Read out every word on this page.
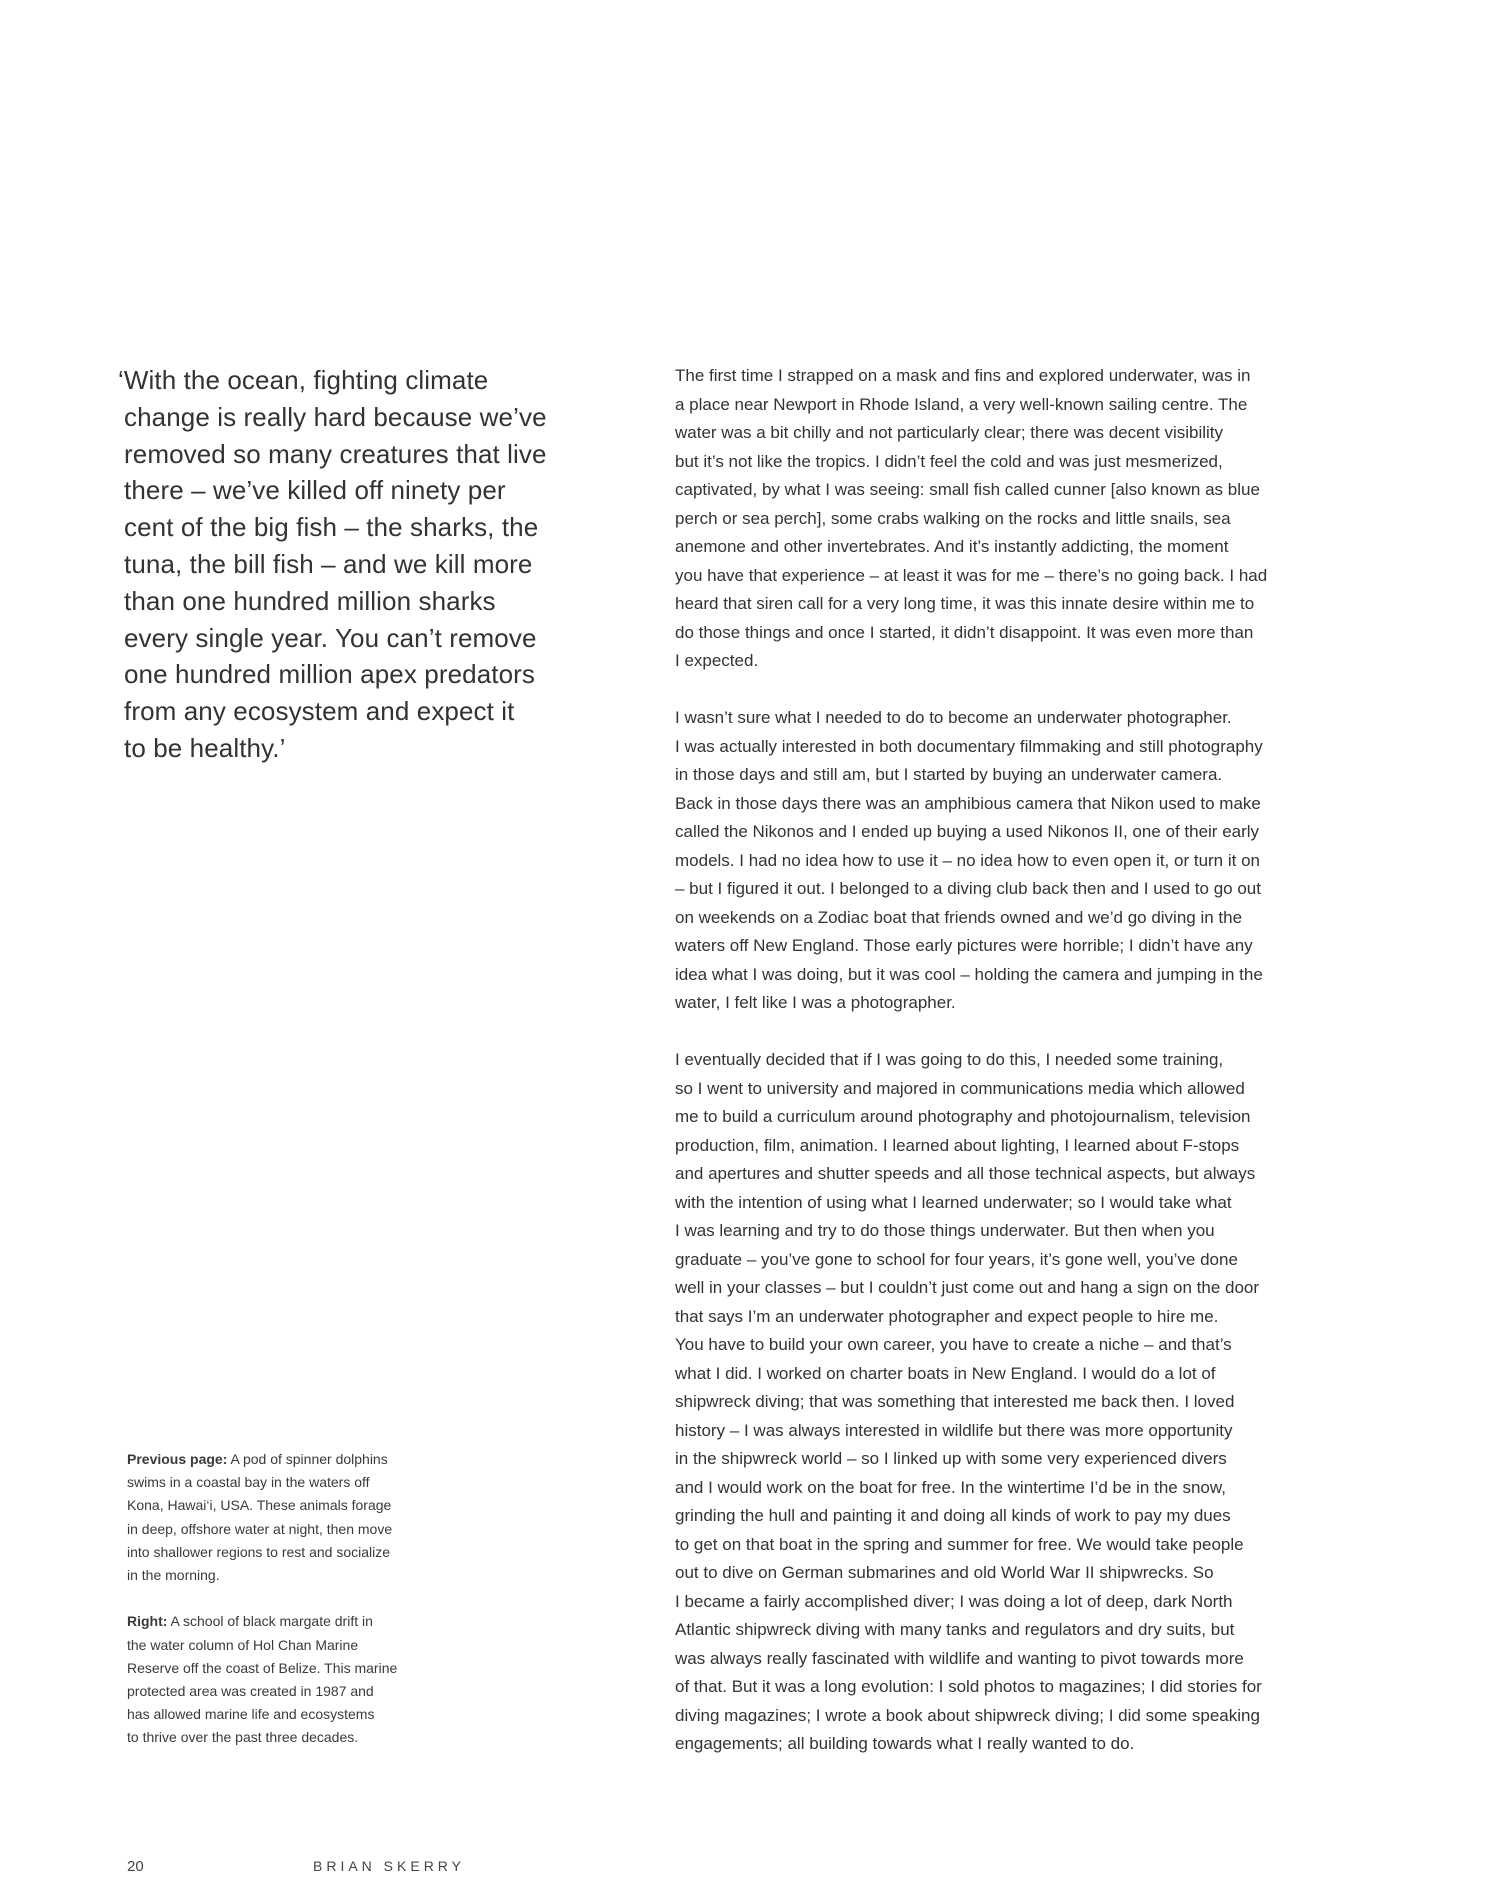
‘With the ocean, fighting climate
change is really hard because we’ve
removed so many creatures that live
there – we’ve killed off ninety per
cent of the big fish – the sharks, the
tuna, the bill fish – and we kill more
than one hundred million sharks
every single year. You can’t remove
one hundred million apex predators
from any ecosystem and expect it
to be healthy.’

The first time I strapped on a mask and fins and explored underwater, was in
a place near Newport in Rhode Island, a very well-known sailing centre. The
water was a bit chilly and not particularly clear; there was decent visibility
but it’s not like the tropics. I didn’t feel the cold and was just mesmerized,
captivated, by what I was seeing: small fish called cunner [also known as blue
perch or sea perch], some crabs walking on the rocks and little snails, sea
anemone and other invertebrates. And it’s instantly addicting, the moment
you have that experience – at least it was for me – there’s no going back. I had
heard that siren call for a very long time, it was this innate desire within me to
do those things and once I started, it didn’t disappoint. It was even more than
I expected.

I wasn’t sure what I needed to do to become an underwater photographer.
I was actually interested in both documentary filmmaking and still photography
in those days and still am, but I started by buying an underwater camera.
Back in those days there was an amphibious camera that Nikon used to make
called the Nikonos and I ended up buying a used Nikonos II, one of their early
models. I had no idea how to use it – no idea how to even open it, or turn it on
– but I figured it out. I belonged to a diving club back then and I used to go out
on weekends on a Zodiac boat that friends owned and we’d go diving in the
waters off New England. Those early pictures were horrible; I didn’t have any
idea what I was doing, but it was cool – holding the camera and jumping in the
water, I felt like I was a photographer.

I eventually decided that if I was going to do this, I needed some training,
so I went to university and majored in communications media which allowed
me to build a curriculum around photography and photojournalism, television
production, film, animation. I learned about lighting, I learned about F-stops
and apertures and shutter speeds and all those technical aspects, but always
with the intention of using what I learned underwater; so I would take what
I was learning and try to do those things underwater. But then when you
graduate – you’ve gone to school for four years, it’s gone well, you’ve done
well in your classes – but I couldn’t just come out and hang a sign on the door
that says I’m an underwater photographer and expect people to hire me.
You have to build your own career, you have to create a niche – and that’s
what I did. I worked on charter boats in New England. I would do a lot of
shipwreck diving; that was something that interested me back then. I loved
history – I was always interested in wildlife but there was more opportunity
in the shipwreck world – so I linked up with some very experienced divers
and I would work on the boat for free. In the wintertime I’d be in the snow,
grinding the hull and painting it and doing all kinds of work to pay my dues
to get on that boat in the spring and summer for free. We would take people
out to dive on German submarines and old World War II shipwrecks. So
I became a fairly accomplished diver; I was doing a lot of deep, dark North
Atlantic shipwreck diving with many tanks and regulators and dry suits, but
was always really fascinated with wildlife and wanting to pivot towards more
of that. But it was a long evolution: I sold photos to magazines; I did stories for
diving magazines; I wrote a book about shipwreck diving; I did some speaking
engagements; all building towards what I really wanted to do.

Previous page: A pod of spinner dolphins
swims in a coastal bay in the waters off
Kona, Hawai‘i, USA. These animals forage
in deep, offshore water at night, then move
into shallower regions to rest and socialize
in the morning.

Right: A school of black margate drift in
the water column of Hol Chan Marine
Reserve off the coast of Belize. This marine
protected area was created in 1987 and
has allowed marine life and ecosystems
to thrive over the past three decades.

20	BRIAN SKERRY
